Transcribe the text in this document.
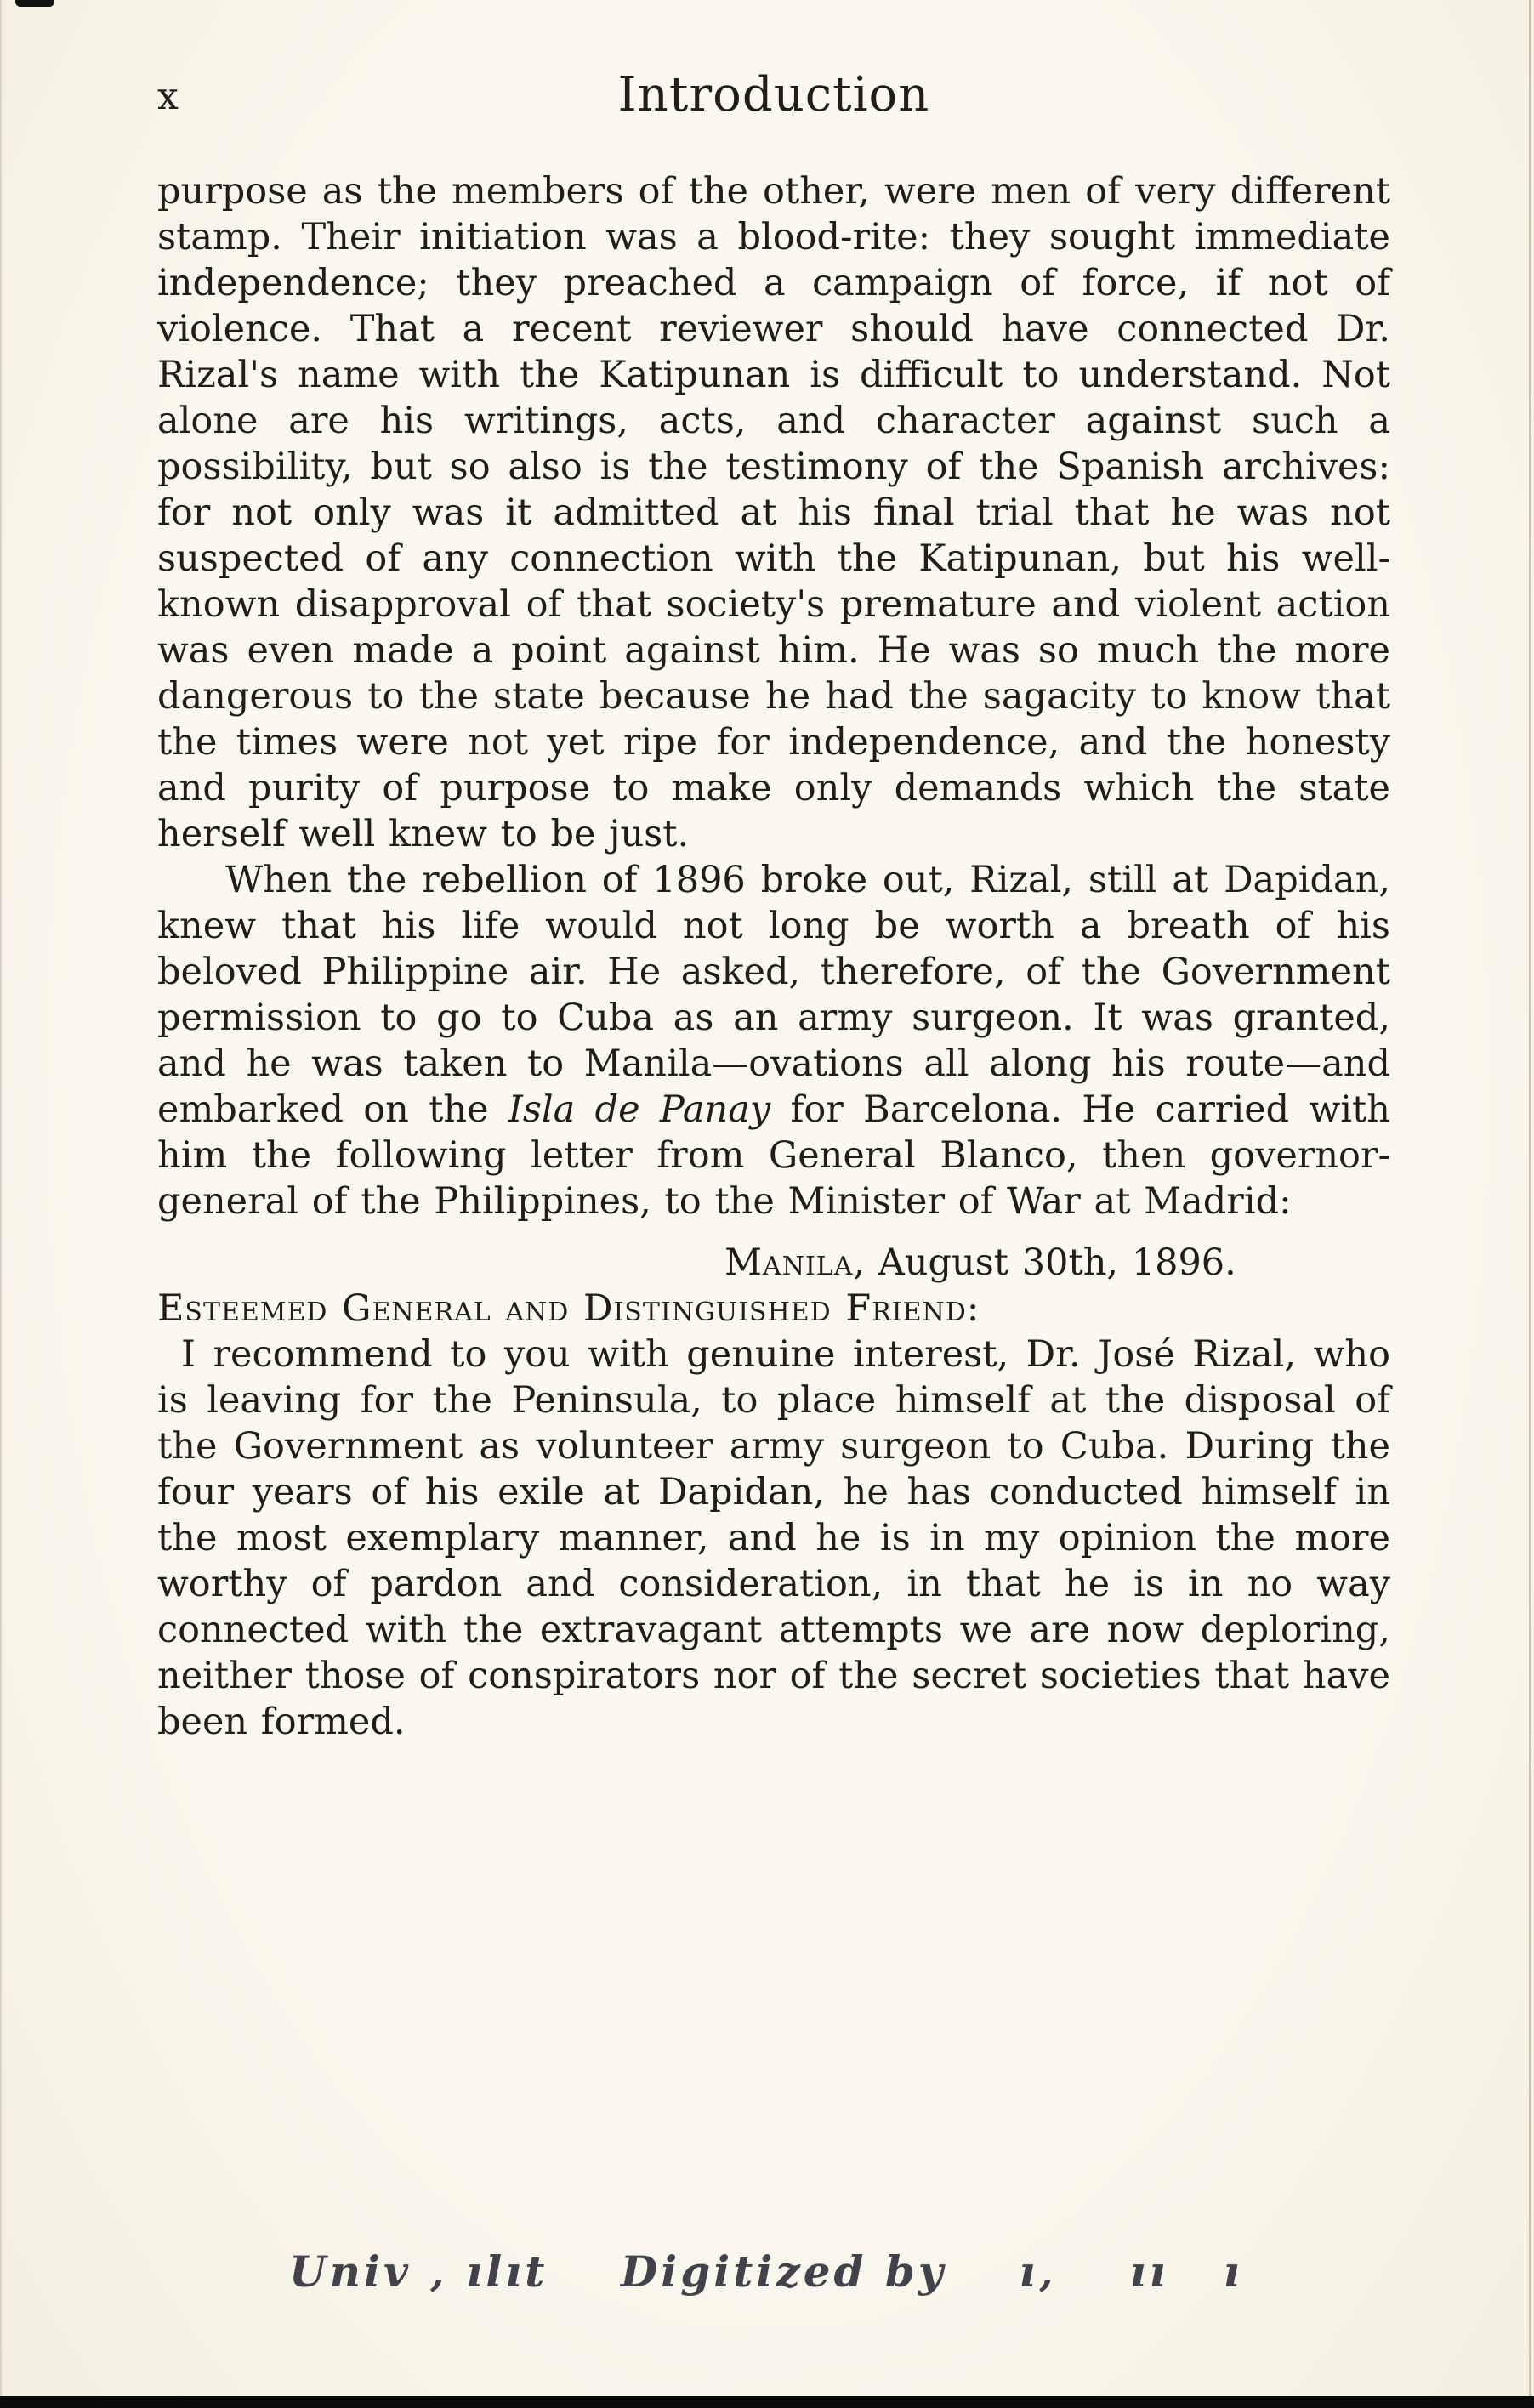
x	Introduction

purpose as the members of the other, were men of very different stamp. Their initiation was a blood-rite: they sought immediate independence; they preached a campaign of force, if not of violence. That a recent reviewer should have connected Dr. Rizal's name with the Katipunan is difficult to understand. Not alone are his writings, acts, and character against such a possibility, but so also is the testimony of the Spanish archives: for not only was it admitted at his final trial that he was not suspected of any connection with the Katipunan, but his well-known disapproval of that society's premature and violent action was even made a point against him. He was so much the more dangerous to the state because he had the sagacity to know that the times were not yet ripe for independence, and the honesty and purity of purpose to make only demands which the state herself well knew to be just.

When the rebellion of 1896 broke out, Rizal, still at Dapidan, knew that his life would not long be worth a breath of his beloved Philippine air. He asked, therefore, of the Government permission to go to Cuba as an army surgeon. It was granted, and he was taken to Manila—ovations all along his route—and embarked on the Isla de Panay for Barcelona. He carried with him the following letter from General Blanco, then governor-general of the Philippines, to the Minister of War at Madrid:

Manila, August 30th, 1896.

Esteemed General and Distinguished Friend:

I recommend to you with genuine interest, Dr. José Rizal, who is leaving for the Peninsula, to place himself at the disposal of the Government as volunteer army surgeon to Cuba. During the four years of his exile at Dapidan, he has conducted himself in the most exemplary manner, and he is in my opinion the more worthy of pardon and consideration, in that he is in no way connected with the extravagant attempts we are now deploring, neither those of conspirators nor of the secret societies that have been formed.

Univ ‚ ılıt    Digitized by    ı‚    ıı   ı
